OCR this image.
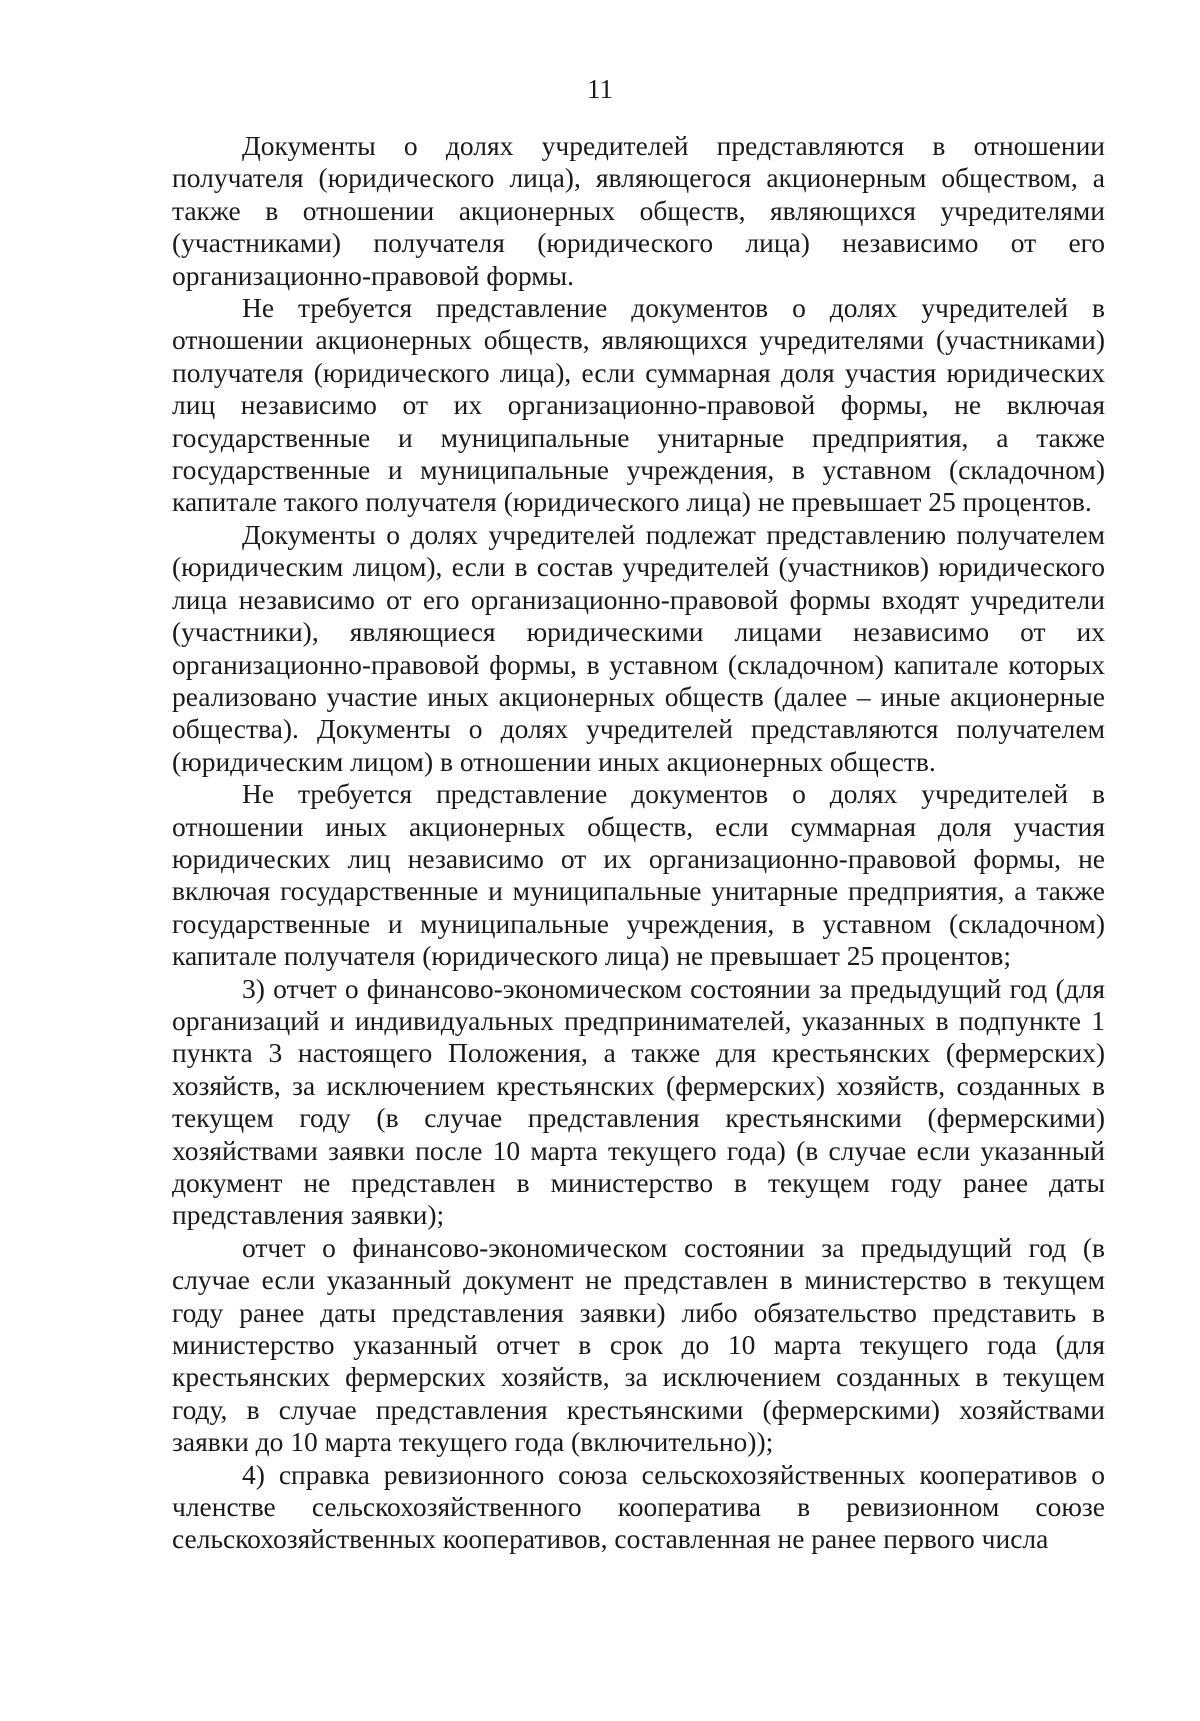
11

Документы о долях учредителей представляются в отношении получателя (юридического лица), являющегося акционерным обществом, а также в отношении акционерных обществ, являющихся учредителями (участниками) получателя (юридического лица) независимо от его организационно-правовой формы.

Не требуется представление документов о долях учредителей в отношении акционерных обществ, являющихся учредителями (участниками) получателя (юридического лица), если суммарная доля участия юридических лиц независимо от их организационно-правовой формы, не включая государственные и муниципальные унитарные предприятия, а также государственные и муниципальные учреждения, в уставном (складочном) капитале такого получателя (юридического лица) не превышает 25 процентов.

Документы о долях учредителей подлежат представлению получателем (юридическим лицом), если в состав учредителей (участников) юридического лица независимо от его организационно-правовой формы входят учредители (участники), являющиеся юридическими лицами независимо от их организационно-правовой формы, в уставном (складочном) капитале которых реализовано участие иных акционерных обществ (далее – иные акционерные общества). Документы о долях учредителей представляются получателем (юридическим лицом) в отношении иных акционерных обществ.

Не требуется представление документов о долях учредителей в отношении иных акционерных обществ, если суммарная доля участия юридических лиц независимо от их организационно-правовой формы, не включая государственные и муниципальные унитарные предприятия, а также государственные и муниципальные учреждения, в уставном (складочном) капитале получателя (юридического лица) не превышает 25 процентов;

3) отчет о финансово-экономическом состоянии за предыдущий год (для организаций и индивидуальных предпринимателей, указанных в подпункте 1 пункта 3 настоящего Положения, а также для крестьянских (фермерских) хозяйств, за исключением крестьянских (фермерских) хозяйств, созданных в текущем году (в случае представления крестьянскими (фермерскими) хозяйствами заявки после 10 марта текущего года) (в случае если указанный документ не представлен в министерство в текущем году ранее даты представления заявки);

отчет о финансово-экономическом состоянии за предыдущий год (в случае если указанный документ не представлен в министерство в текущем году ранее даты представления заявки) либо обязательство представить в министерство указанный отчет в срок до 10 марта текущего года (для крестьянских фермерских хозяйств, за исключением созданных в текущем году, в случае представления крестьянскими (фермерскими) хозяйствами заявки до 10 марта текущего года (включительно));

4) справка ревизионного союза сельскохозяйственных кооперативов о членстве сельскохозяйственного кооператива в ревизионном союзе сельскохозяйственных кооперативов, составленная не ранее первого числа
